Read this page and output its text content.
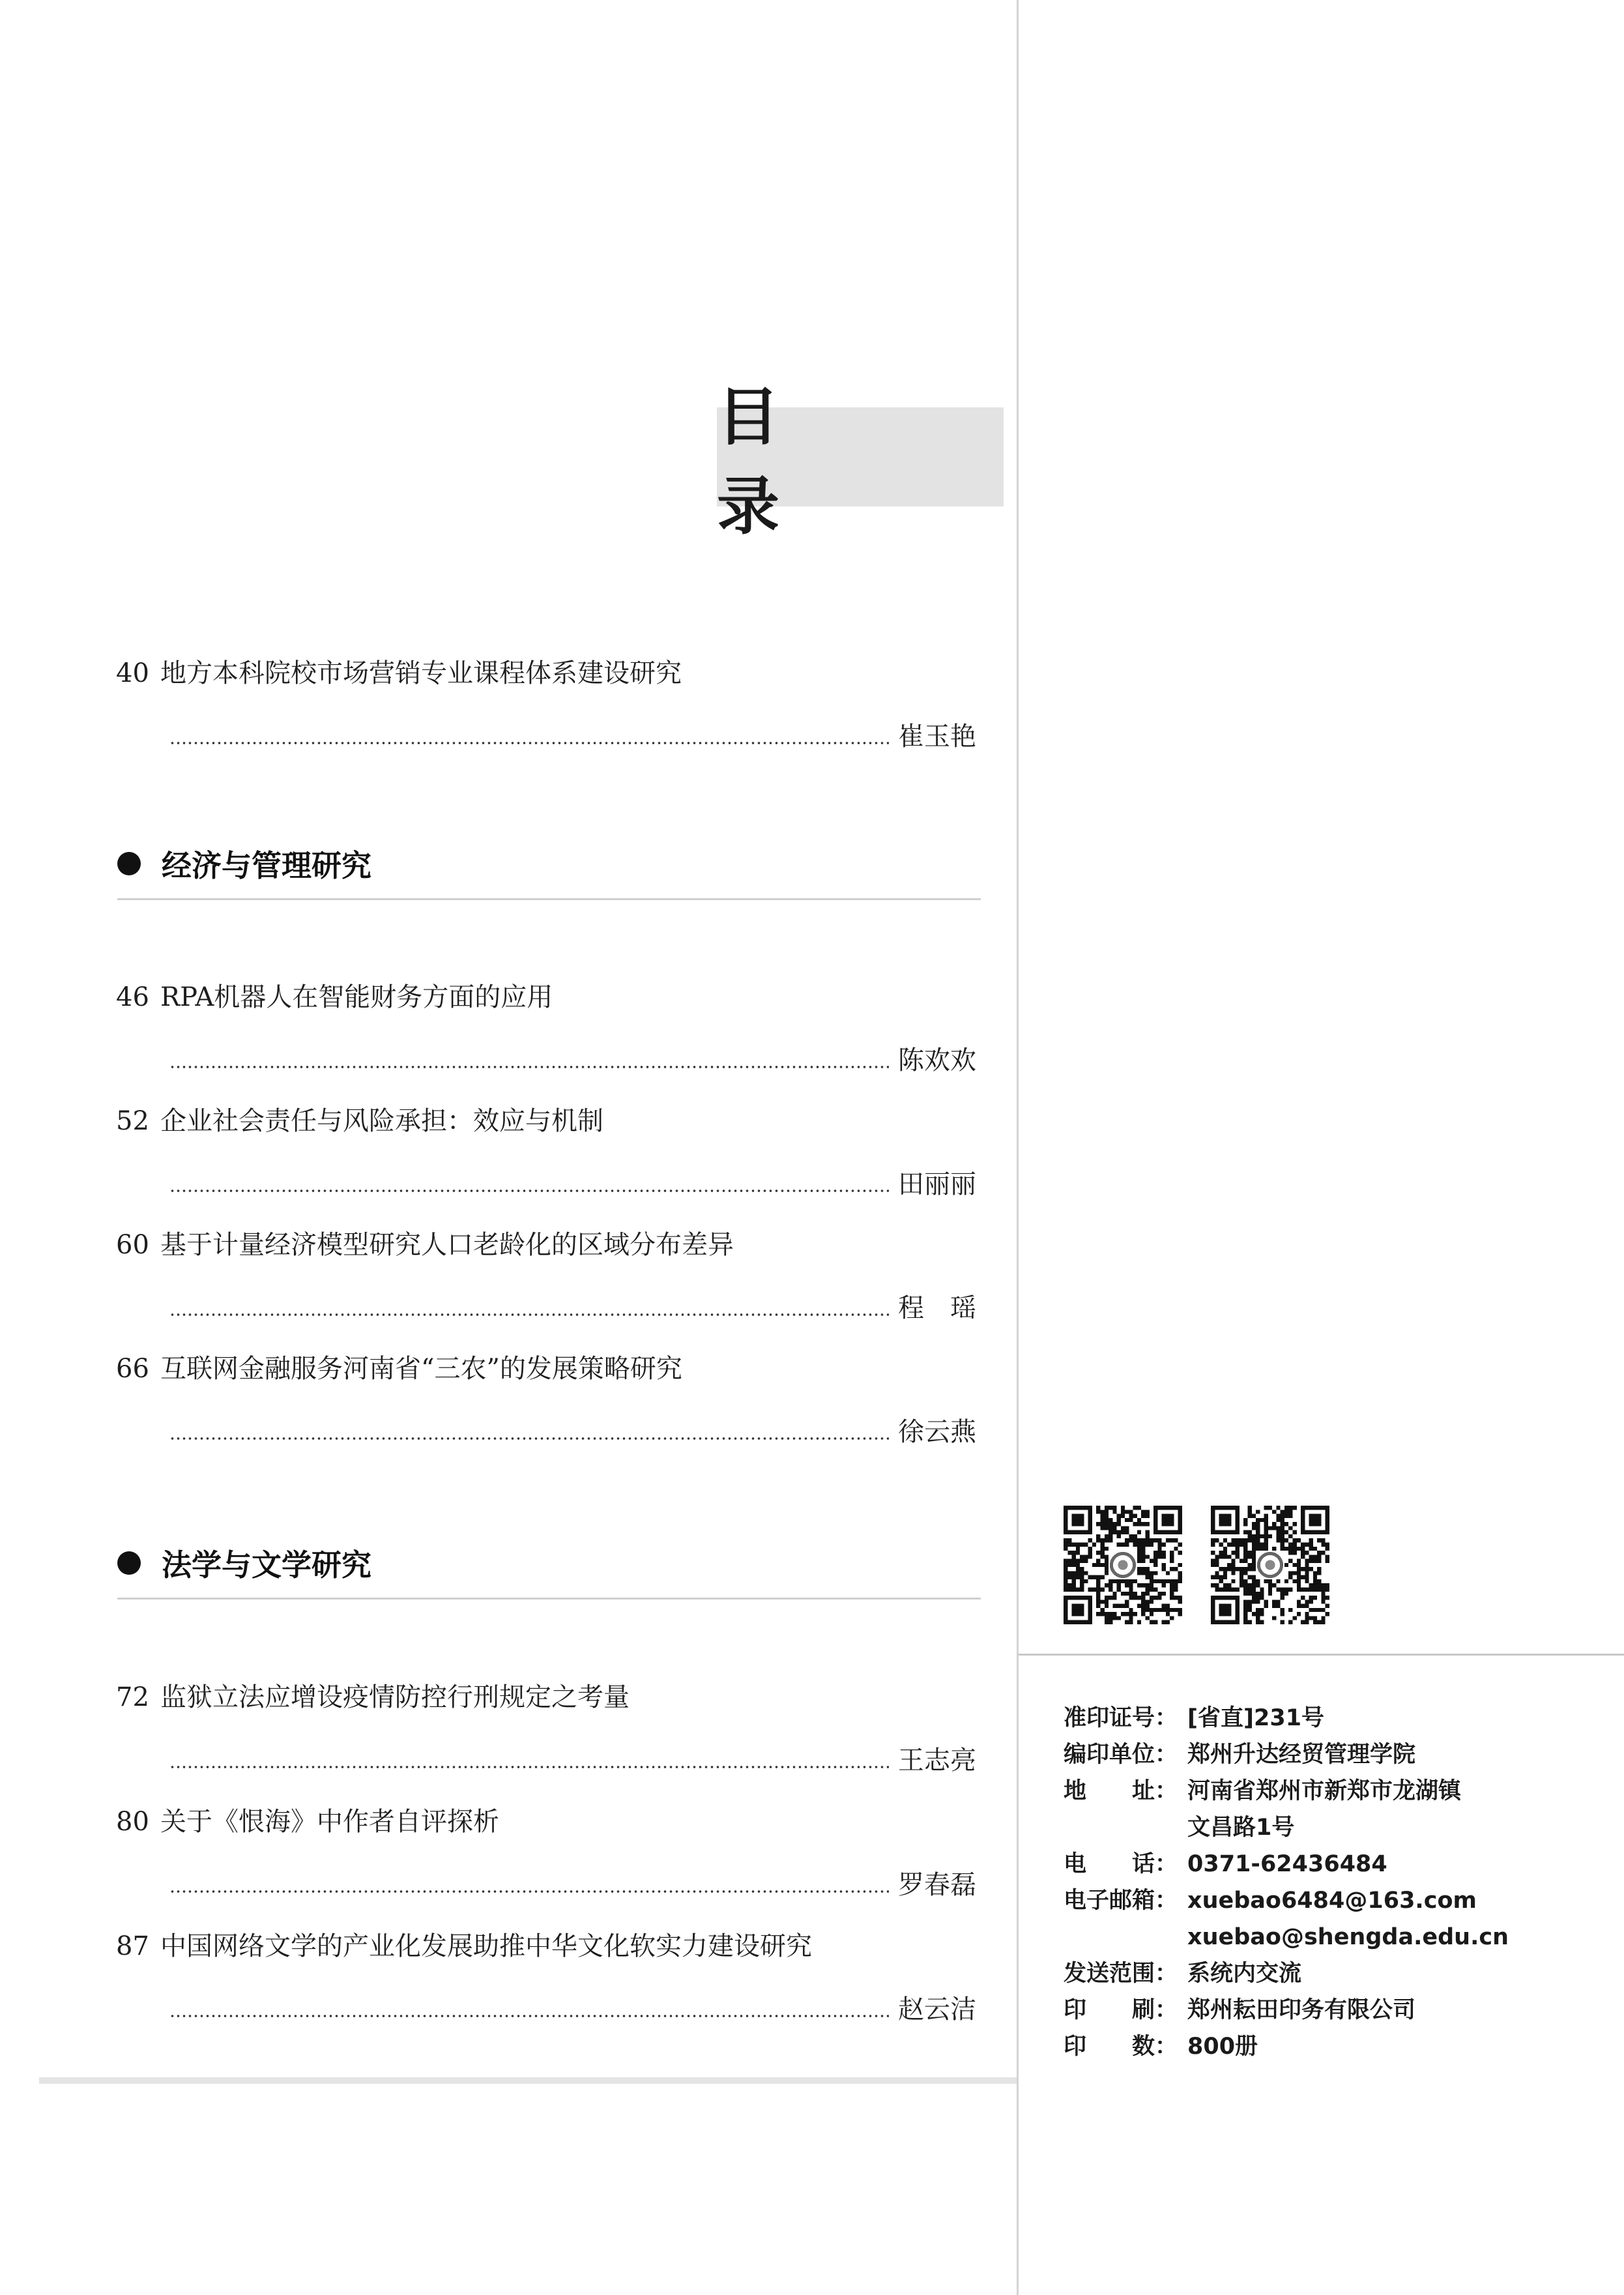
目 录
40 地方本科院校市场营销专业课程体系建设研究
崔玉艳
经济与管理研究
46 RPA机器人在智能财务方面的应用
陈欢欢
52 企业社会责任与风险承担：效应与机制
田丽丽
60 基于计量经济模型研究人口老龄化的区域分布差异
程　瑶
66 互联网金融服务河南省“三农”的发展策略研究
徐云燕
法学与文学研究
72 监狱立法应增设疫情防控行刑规定之考量
王志亮
80 关于《恨海》中作者自评探析
罗春磊
87 中国网络文学的产业化发展助推中华文化软实力建设研究
赵云洁
准印证号： [省直]231号
编印单位： 郑州升达经贸管理学院
地　　址： 河南省郑州市新郑市龙湖镇
文昌路1号
电　　话： 0371-62436484
电子邮箱： xuebao6484@163.com
xuebao@shengda.edu.cn
发送范围： 系统内交流
印　　刷： 郑州耘田印务有限公司
印　　数： 800册
